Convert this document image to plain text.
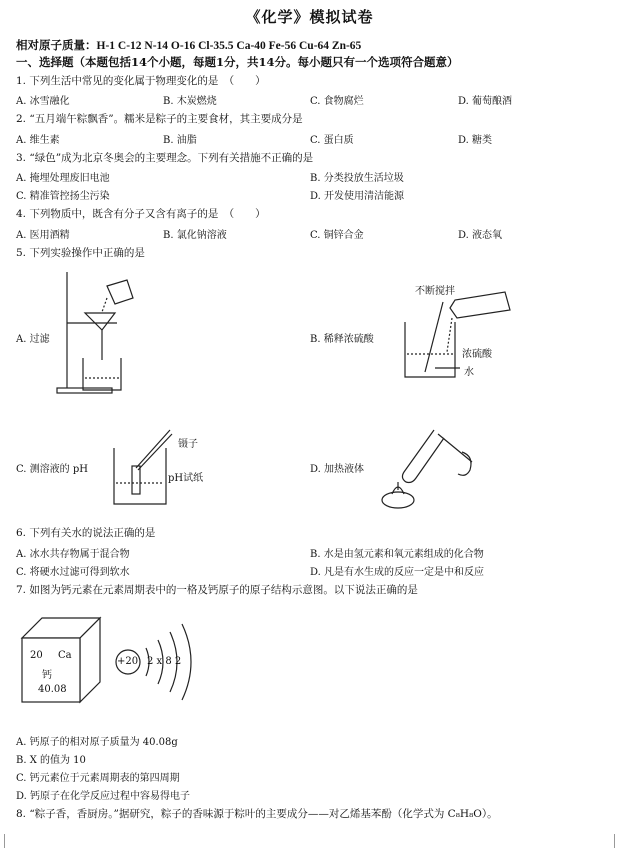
《化学》模拟试卷
相对原子质量：H-1 C-12 N-14 O-16 Cl-35.5 Ca-40 Fe-56 Cu-64 Zn-65
一、选择题（本题包括14个小题，每题1分，共14分。每小题只有一个选项符合题意）
1. 下列生活中常见的变化属于物理变化的是　（　　）
A. 冰雪融化	B. 木炭燃烧	C. 食物腐烂	D. 葡萄酿酒
2. “五月端午粽飘香”。糯米是粽子的主要食材，其主要成分是
A. 维生素	B. 油脂	C. 蛋白质	D. 糖类
3. “绿色”成为北京冬奥会的主要理念。下列有关措施不正确的是
A. 掩埋处理废旧电池	B. 分类投放生活垃圾
C. 精准管控扬尘污染	D. 开发使用清洁能源
4. 下列物质中，既含有分子又含有离子的是　（　　）
A. 医用酒精	B. 氯化钠溶液	C. 铜锌合金	D. 液态氧
5. 下列实验操作中正确的是
A. 过滤
不断搅拌
浓硫酸
水
B. 稀释浓硫酸
镊子
pH试纸
C. 测溶液的 pH	D. 加热液体
6. 下列有关水的说法正确的是
A. 冰水共存物属于混合物	B. 水是由氢元素和氧元素组成的化合物
C. 将硬水过滤可得到软水	D. 凡是有水生成的反应一定是中和反应
7. 如图为钙元素在元素周期表中的一格及钙原子的原子结构示意图。以下说法正确的是
20 Ca
钙
40.08
+20 2 x 8 2
A. 钙原子的相对原子质量为 40.08g
B. X 的值为 10
C. 钙元素位于元素周期表的第四周期
D. 钙原子在化学反应过程中容易得电子
8. “粽子香，香厨房。”据研究，粽子的香味源于粽叶的主要成分——对乙烯基苯酚（化学式为 C₈H₈O）。
